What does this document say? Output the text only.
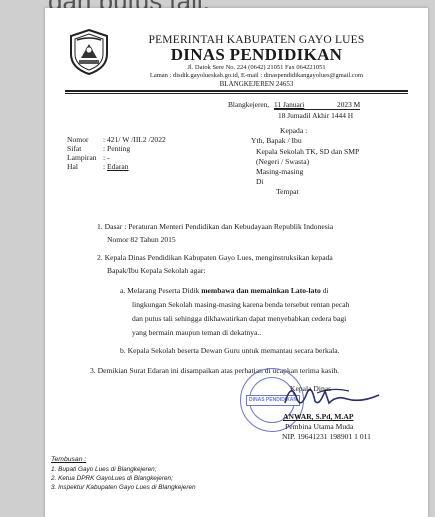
PEMERINTAH KABUPATEN GAYO LUES
DINAS PENDIDIKAN
Jl. Datok Sere No. 224 (0642) 21051 Fax 064221051
Laman : disdik.gayolueskab.go.id, E-mail : dinaspendidikangayolues@gmail.com
BLANGKEJEREN 24653
Blangkejeren, 11 Januari	2023 M
18 Jumadil Akhir 1444 H
Kepada :
Yth, Bapak / Ibu
Kepala Sekolah TK, SD dan SMP
(Negeri / Swasta)
Masing-masing
Di
Tempat
Nomor : 421/ W /III.2 /2022
Sifat	: Penting
Lampiran : -
Hal	: Edaran
1. Dasar : Peraturan Menteri Pendidikan dan Kebudayaan Republik Indonesia
Nomor 82 Tahun 2015
2. Kepala Dinas Pendidikan Kabupaten Gayo Lues, menginstruksikan kepada
Bapak/Ibu Kepala Sekolah agar:
a. Melarang Peserta Didik membawa dan memainkan Lato-lato di
lingkungan Sekolah masing-masing karena benda tersebut rentan pecah
dan putus tali sehingga dikhawatirkan dapat menyebabkan cedera bagi
yang bermain maupun teman di dekatnya..
b. Kepala Sekolah beserta Dewan Guru untuk memantau secara berkala.
3. Demikian Surat Edaran ini disampaikan atas perhatian di ucapkan terima kasih.
DINAS PENDIDIKAN
Kepala Dinas
ANWAR, S.Pd, M.AP
Pembina Utama Muda
NIP. 19641231 198901 1 011
Tembusan :
1. Bupati Gayo Lues di Blangkejeren;
2. Ketua DPRK GayoLues di Blangkejeren;
3. Inspektur Kabupaten Gayo Lues di Blangkejeren
